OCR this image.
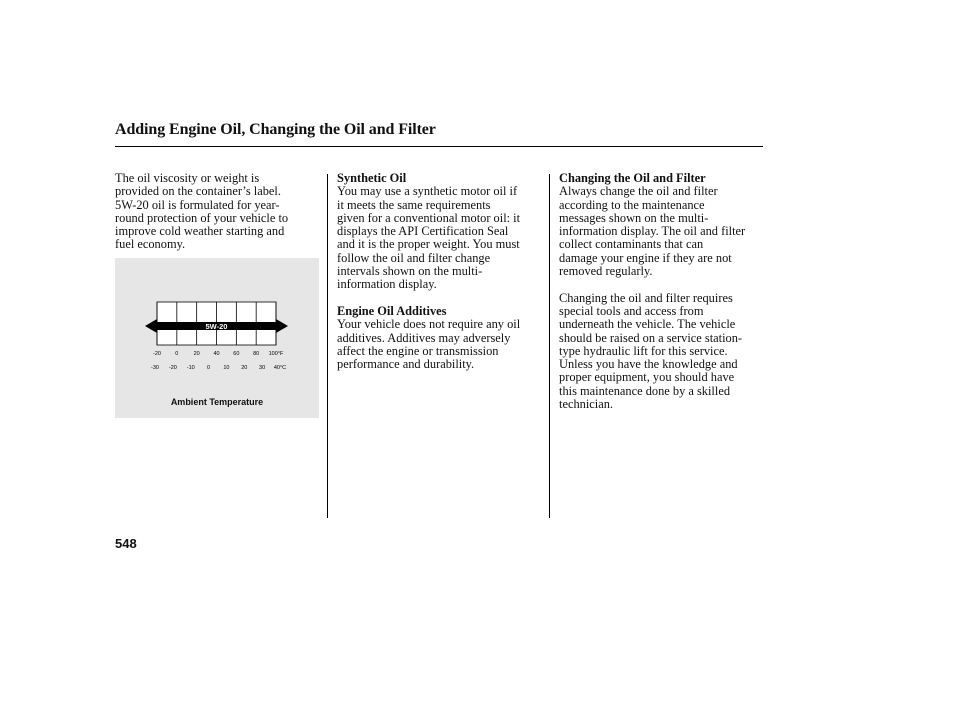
Adding Engine Oil, Changing the Oil and Filter

The oil viscosity or weight is
provided on the container’s label.
5W-20 oil is formulated for year-
round protection of your vehicle to
improve cold weather starting and
fuel economy.

5W-20
-20	0	20 40 60 80 100°F
-30 -20 -10 0 10 20 30 40°C
Ambient Temperature
Synthetic Oil

You may use a synthetic motor oil if
it meets the same requirements
given for a conventional motor oil: it
displays the API Certification Seal
and it is the proper weight. You must
follow the oil and filter change
intervals shown on the multi-
information display.

Engine Oil Additives

Your vehicle does not require any oil
additives. Additives may adversely
affect the engine or transmission
performance and durability.

Changing the Oil and Filter

Always change the oil and filter
according to the maintenance
messages shown on the multi-
information display. The oil and filter
collect contaminants that can
damage your engine if they are not
removed regularly.

Changing the oil and filter requires
special tools and access from
underneath the vehicle. The vehicle
should be raised on a service station-
type hydraulic lift for this service.
Unless you have the knowledge and
proper equipment, you should have
this maintenance done by a skilled
technician.

548
